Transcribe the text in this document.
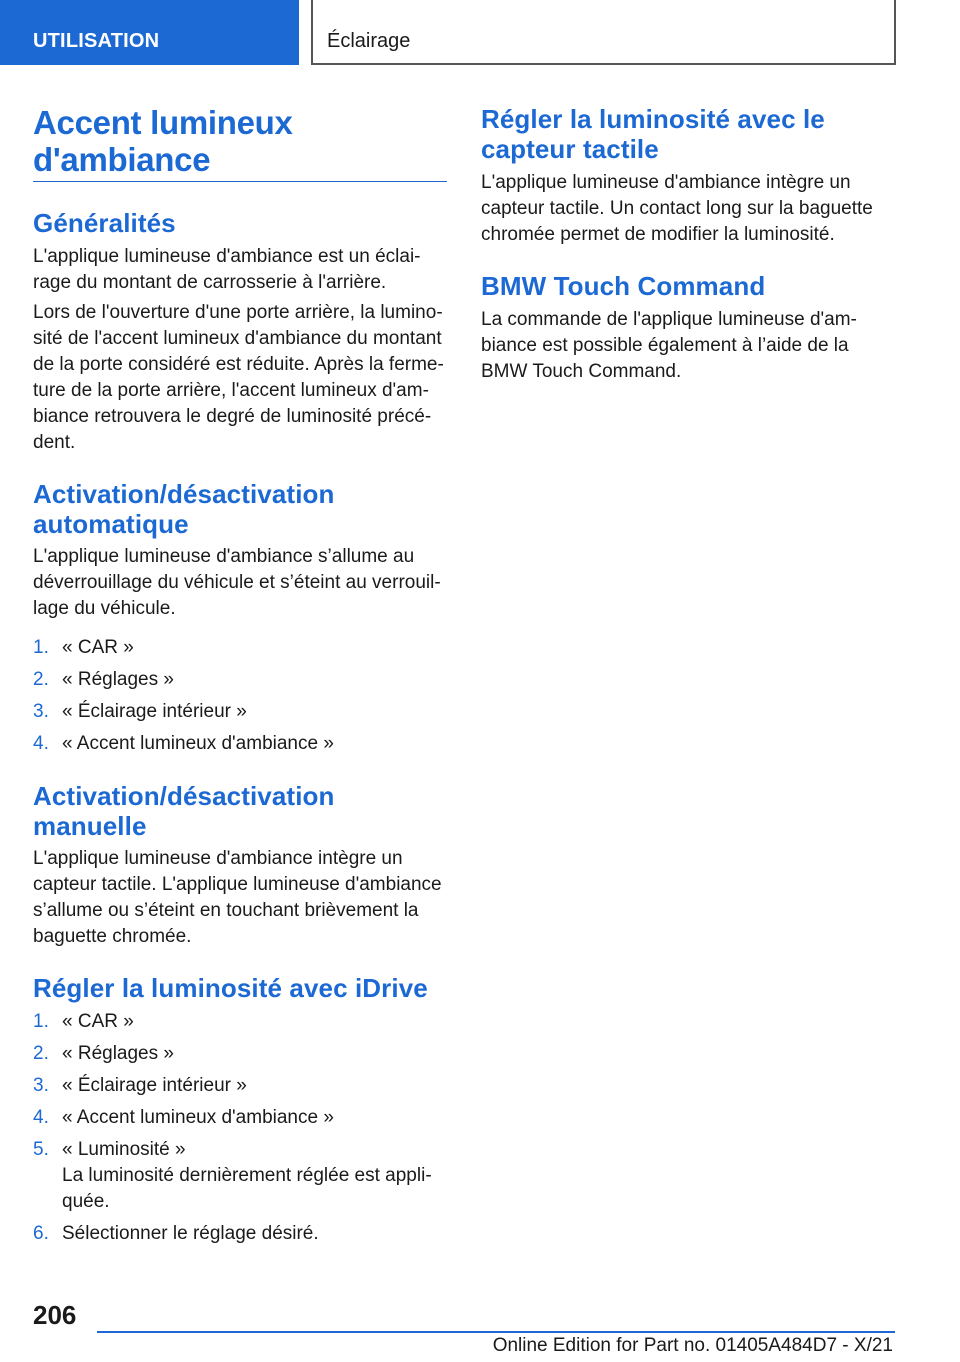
UTILISATION	Éclairage
Accent lumineux
d'ambiance
Généralités
L'applique lumineuse d'ambiance est un éclairage du montant de carrosserie à l'arrière.
Lors de l'ouverture d'une porte arrière, la luminosité de l'accent lumineux d'ambiance du montant de la porte considéré est réduite. Après la fermeture de la porte arrière, l'accent lumineux d'ambiance retrouvera le degré de luminosité précédent.
Activation/désactivation
automatique
L'applique lumineuse d'ambiance s’allume au déverrouillage du véhicule et s’éteint au verrouillage du véhicule.
1. « CAR »
2. « Réglages »
3. « Éclairage intérieur »
4. « Accent lumineux d'ambiance »
Activation/désactivation
manuelle
L'applique lumineuse d'ambiance intègre un capteur tactile. L'applique lumineuse d'ambiance s’allume ou s’éteint en touchant brièvement la baguette chromée.
Régler la luminosité avec iDrive
1. « CAR »
2. « Réglages »
3. « Éclairage intérieur »
4. « Accent lumineux d'ambiance »
5. « Luminosité »
La luminosité dernièrement réglée est appliquée.
6. Sélectionner le réglage désiré.
Régler la luminosité avec le
capteur tactile
L'applique lumineuse d'ambiance intègre un capteur tactile. Un contact long sur la baguette chromée permet de modifier la luminosité.
BMW Touch Command
La commande de l'applique lumineuse d'ambiance est possible également à l’aide de la BMW Touch Command.
206
Online Edition for Part no. 01405A484D7 - X/21
